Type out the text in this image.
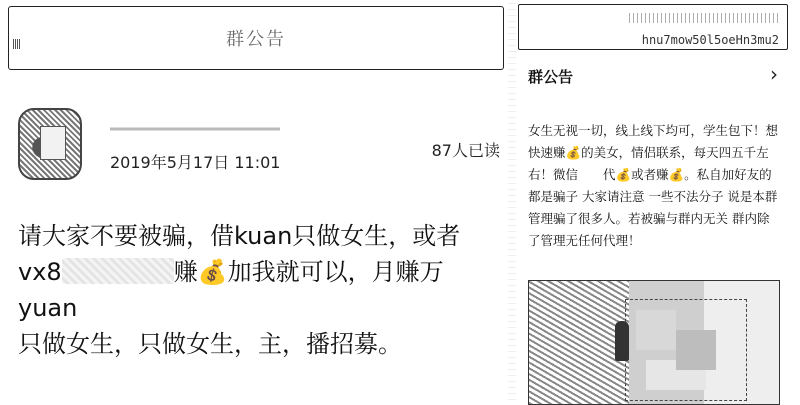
群公告
2019年5月17日 11:01
87人已读
请大家不要被骗，借kuan只做女生，或者
vx8	赚💰加我就可以，月赚万yuan
只做女生，只做女生，主，播招募。
hnu7mow50l5oeHn3mu2
群公告	›
女生无视一切，线上线下均可，学生包下！想快速赚💰的美女，情侣联系，每天四五千左右！微信　　代💰或者赚💰。私自加好友的都是骗子 大家请注意 一些不法分子 说是本群管理骗了很多人。若被骗与群内无关 群内除了管理无任何代理！
